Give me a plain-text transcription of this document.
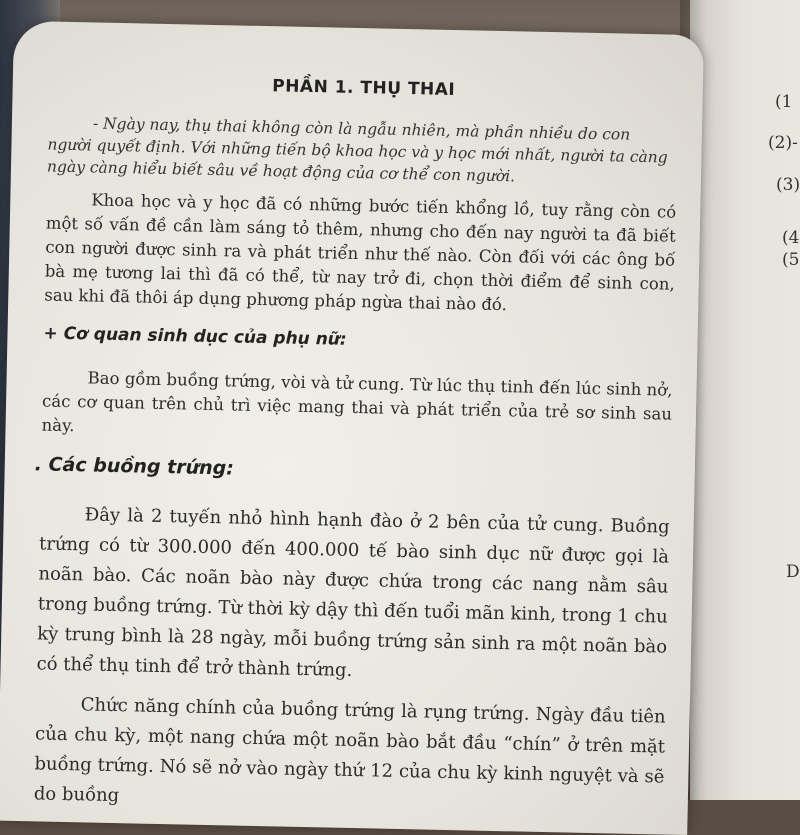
(1
(2)-
(3)
(4
(5
D
PHẦN 1. THỤ THAI

- Ngày nay, thụ thai không còn là ngẫu nhiên, mà phần nhiều do con người quyết định. Với những tiến bộ khoa học và y học mới nhất, người ta càng ngày càng hiểu biết sâu về hoạt động của cơ thể con người.

Khoa học và y học đã có những bước tiến khổng lồ, tuy rằng còn có một số vấn đề cần làm sáng tỏ thêm, nhưng cho đến nay người ta đã biết con người được sinh ra và phát triển như thế nào. Còn đối với các ông bố bà mẹ tương lai thì đã có thể, từ nay trở đi, chọn thời điểm để sinh con, sau khi đã thôi áp dụng phương pháp ngừa thai nào đó.

+ Cơ quan sinh dục của phụ nữ:

Bao gồm buồng trứng, vòi và tử cung. Từ lúc thụ tinh đến lúc sinh nở, các cơ quan trên chủ trì việc mang thai và phát triển của trẻ sơ sinh sau này.

. Các buồng trứng:

Đây là 2 tuyến nhỏ hình hạnh đào ở 2 bên của tử cung. Buồng trứng có từ 300.000 đến 400.000 tế bào sinh dục nữ được gọi là noãn bào. Các noãn bào này được chứa trong các nang nằm sâu trong buồng trứng. Từ thời kỳ dậy thì đến tuổi mãn kinh, trong 1 chu kỳ trung bình là 28 ngày, mỗi buồng trứng sản sinh ra một noãn bào có thể thụ tinh để trở thành trứng.

Chức năng chính của buồng trứng là rụng trứng. Ngày đầu tiên của chu kỳ, một nang chứa một noãn bào bắt đầu “chín” ở trên mặt buồng trứng. Nó sẽ nở vào ngày thứ 12 của chu kỳ kinh nguyệt và sẽ do buồng
